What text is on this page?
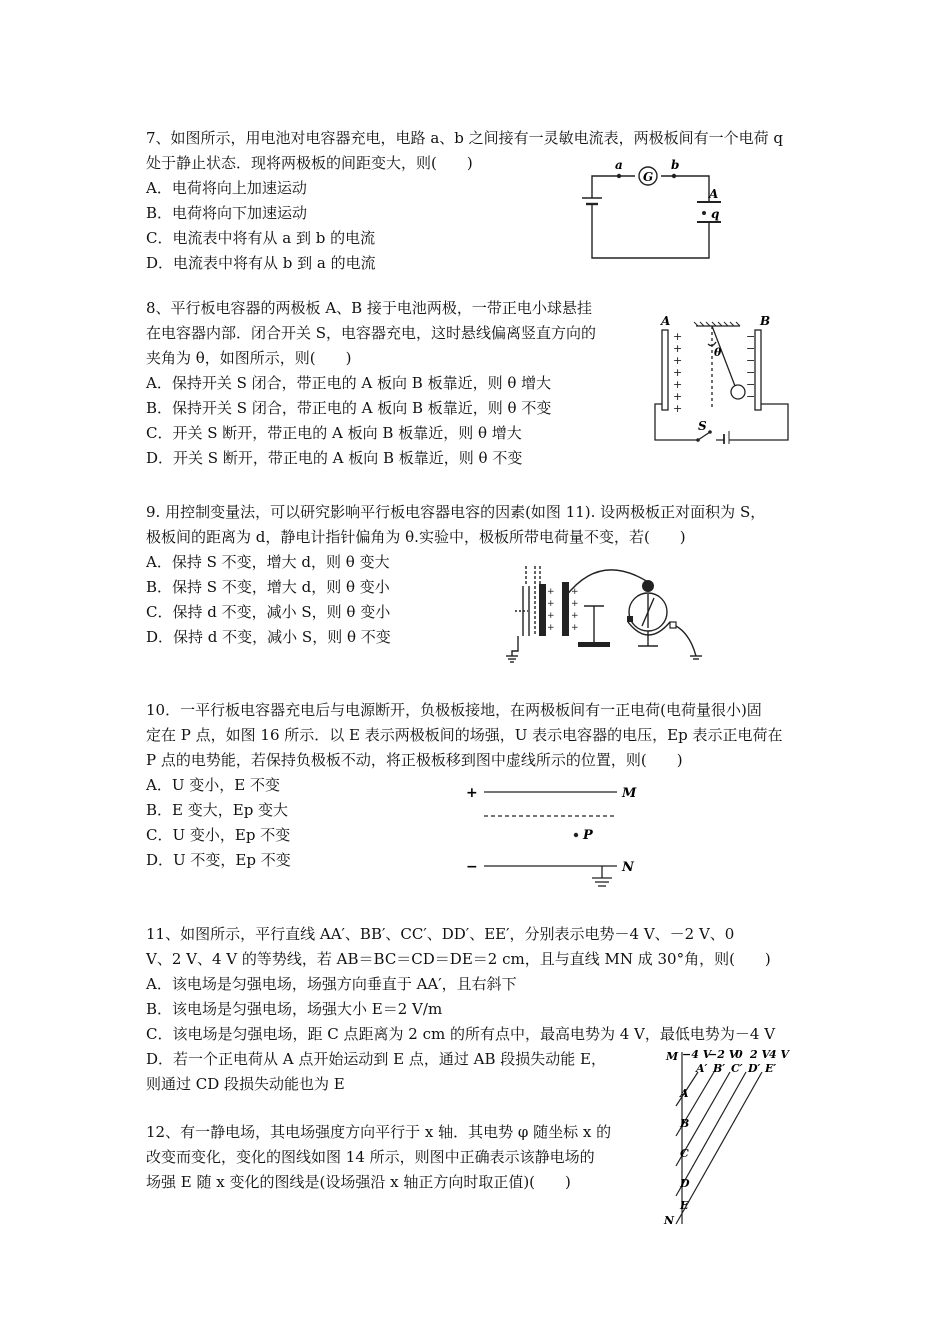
7、如图所示，用电池对电容器充电，电路 a、b 之间接有一灵敏电流表，两极板间有一个电荷 q

处于静止状态．现将两极板的间距变大，则(　　)

A．电荷将向上加速运动

B．电荷将向下加速运动

C．电流表中将有从 a 到 b 的电流

D．电流表中将有从 b 到 a 的电流

a
G
b
A
q

8、平行板电容器的两极板 A、B 接于电池两极，一带正电小球悬挂

在电容器内部．闭合开关 S，电容器充电，这时悬线偏离竖直方向的

夹角为 θ，如图所示，则(　　)

A．保持开关 S 闭合，带正电的 A 板向 B 板靠近，则 θ 增大

B．保持开关 S 闭合，带正电的 A 板向 B 板靠近，则 θ 不变

C．开关 S 断开，带正电的 A 板向 B 板靠近，则 θ 增大

D．开关 S 断开，带正电的 A 板向 B 板靠近，则 θ 不变

+
+
+
+
+
+
+
−
−
−
−
−
−
A	B
θ
S

9. 用控制变量法，可以研究影响平行板电容器电容的因素(如图 11). 设两极板正对面积为 S，

极板间的距离为 d，静电计指针偏角为 θ.实验中，极板所带电荷量不变，若(　　)

A．保持 S 不变，增大 d，则 θ 变大

B．保持 S 不变，增大 d，则 θ 变小

C．保持 d 不变，减小 S，则 θ 变小

D．保持 d 不变，减小 S，则 θ 不变

+
+
+
+
+
+
+
+

10．一平行板电容器充电后与电源断开，负极板接地，在两极板间有一正电荷(电荷量很小)固

定在 P 点，如图 16 所示．以 E 表示两极板间的场强，U 表示电容器的电压，Ep 表示正电荷在

P 点的电势能，若保持负极板不动，将正极板移到图中虚线所示的位置，则(　　)

A．U 变小，E 不变

B．E 变大，Ep 变大

C．U 变小，Ep 不变

D．U 不变，Ep 不变

+	M
P
−	N

11、如图所示，平行直线 AA′、BB′、CC′、DD′、EE′，分别表示电势－4 V、－2 V、0

V、2 V、4 V 的等势线，若 AB＝BC＝CD＝DE＝2 cm，且与直线 MN 成 30°角，则(　　)

A．该电场是匀强电场，场强方向垂直于 AA′，且右斜下

B．该电场是匀强电场，场强大小 E＝2 V/m

C．该电场是匀强电场，距 C 点距离为 2 cm 的所有点中，最高电势为 4 V，最低电势为－4 V

D．若一个正电荷从 A 点开始运动到 E 点，通过 AB 段损失动能 E，

则通过 CD 段损失动能也为 E

M −4 V
−2 V
0 2 V
4 V
A′ B′ C′ D′ E′
A
B
C
D
E
N

12、有一静电场，其电场强度方向平行于 x 轴．其电势 φ 随坐标 x 的

改变而变化，变化的图线如图 14 所示，则图中正确表示该静电场的

场强 E 随 x 变化的图线是(设场强沿 x 轴正方向时取正值)(　　)
